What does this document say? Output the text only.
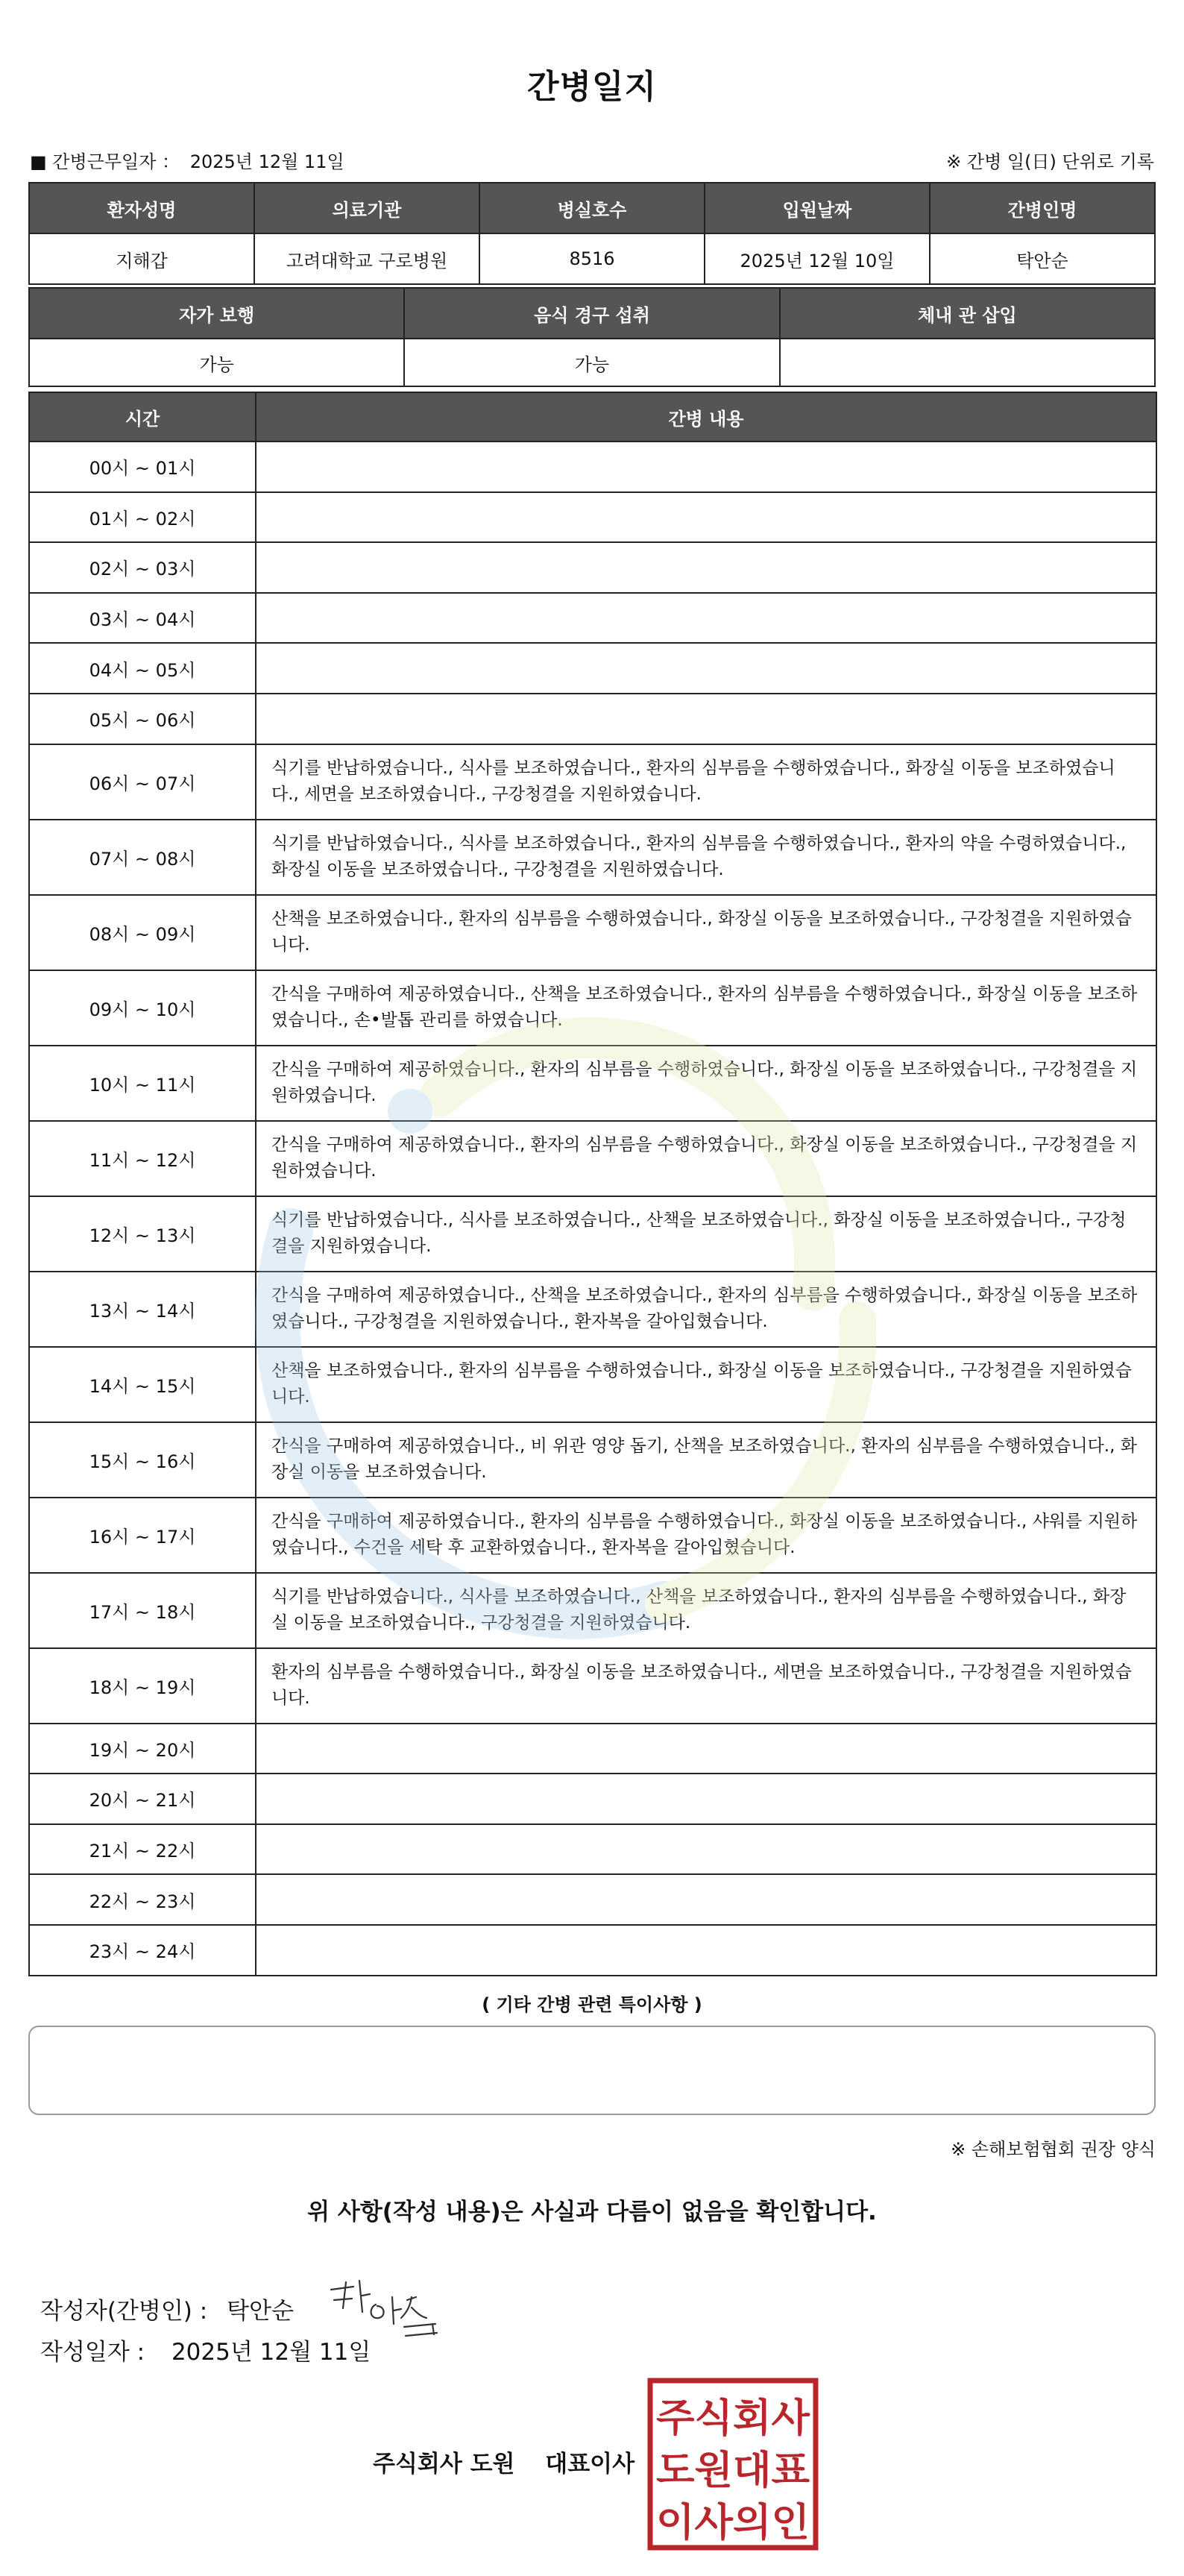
간병일지
■ 간병근무일자 ： 2025년 12월 11일	※ 간병 일(日) 단위로 기록
환자성명	의료기관	병실호수	입원날짜	간병인명
지해갑	고려대학교 구로병원	8516	2025년 12월 10일	탁안순
자가 보행	음식 경구 섭취	체내 관 삽입
가능	가능	
시간	간병 내용
00시 ~ 01시	
01시 ~ 02시	
02시 ~ 03시	
03시 ~ 04시	
04시 ~ 05시	
05시 ~ 06시	
06시 ~ 07시	식기를 반납하였습니다., 식사를 보조하였습니다., 환자의 심부름을 수행하였습니다., 화장실 이동을 보조하였습니다., 세면을 보조하였습니다., 구강청결을 지원하였습니다.
07시 ~ 08시	식기를 반납하였습니다., 식사를 보조하였습니다., 환자의 심부름을 수행하였습니다., 환자의 약을 수령하였습니다., 화장실 이동을 보조하였습니다., 구강청결을 지원하였습니다.
08시 ~ 09시	산책을 보조하였습니다., 환자의 심부름을 수행하였습니다., 화장실 이동을 보조하였습니다., 구강청결을 지원하였습니다.
09시 ~ 10시	간식을 구매하여 제공하였습니다., 산책을 보조하였습니다., 환자의 심부름을 수행하였습니다., 화장실 이동을 보조하였습니다., 손•발톱 관리를 하였습니다.
10시 ~ 11시	간식을 구매하여 제공하였습니다., 환자의 심부름을 수행하였습니다., 화장실 이동을 보조하였습니다., 구강청결을 지원하였습니다.
11시 ~ 12시	간식을 구매하여 제공하였습니다., 환자의 심부름을 수행하였습니다., 화장실 이동을 보조하였습니다., 구강청결을 지원하였습니다.
12시 ~ 13시	식기를 반납하였습니다., 식사를 보조하였습니다., 산책을 보조하였습니다., 화장실 이동을 보조하였습니다., 구강청결을 지원하였습니다.
13시 ~ 14시	간식을 구매하여 제공하였습니다., 산책을 보조하였습니다., 환자의 심부름을 수행하였습니다., 화장실 이동을 보조하였습니다., 구강청결을 지원하였습니다., 환자복을 갈아입혔습니다.
14시 ~ 15시	산책을 보조하였습니다., 환자의 심부름을 수행하였습니다., 화장실 이동을 보조하였습니다., 구강청결을 지원하였습니다.
15시 ~ 16시	간식을 구매하여 제공하였습니다., 비 위관 영양 돕기, 산책을 보조하였습니다., 환자의 심부름을 수행하였습니다., 화장실 이동을 보조하였습니다.
16시 ~ 17시	간식을 구매하여 제공하였습니다., 환자의 심부름을 수행하였습니다., 화장실 이동을 보조하였습니다., 샤워를 지원하였습니다., 수건을 세탁 후 교환하였습니다., 환자복을 갈아입혔습니다.
17시 ~ 18시	식기를 반납하였습니다., 식사를 보조하였습니다., 산책을 보조하였습니다., 환자의 심부름을 수행하였습니다., 화장실 이동을 보조하였습니다., 구강청결을 지원하였습니다.
18시 ~ 19시	환자의 심부름을 수행하였습니다., 화장실 이동을 보조하였습니다., 세면을 보조하였습니다., 구강청결을 지원하였습니다.
19시 ~ 20시	
20시 ~ 21시	
21시 ~ 22시	
22시 ~ 23시	
23시 ~ 24시	
( 기타 간병 관련 특이사항 )
※ 손해보험협회 권장 양식
위 사항(작성 내용)은 사실과 다름이 없음을 확인합니다.
작성자(간병인) : 탁안순
작성일자 : 2025년 12월 11일
주식회사 도원 대표이사
주식회사
도원대표
이사의인
